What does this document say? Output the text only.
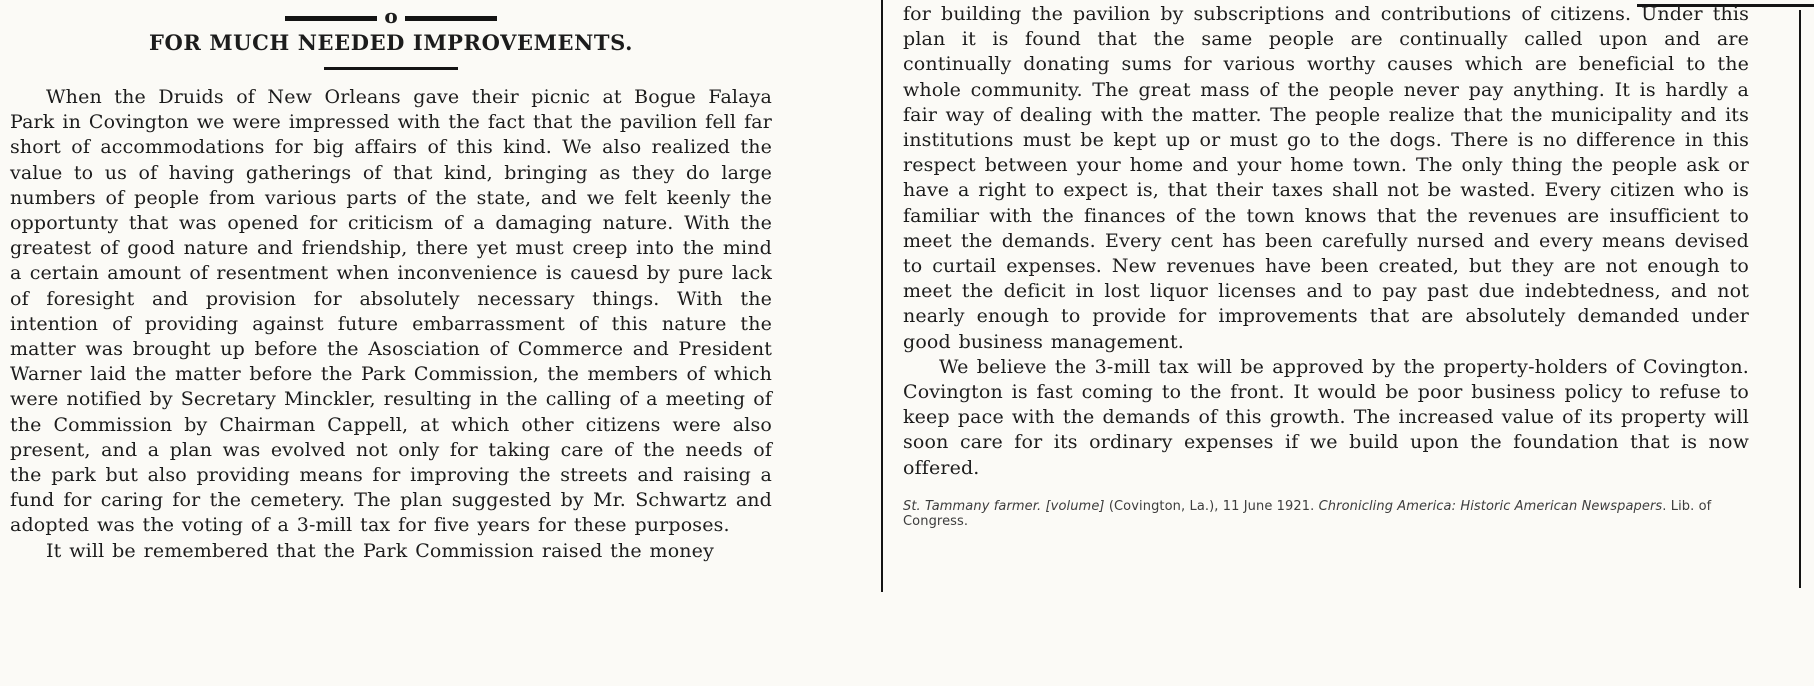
o
FOR MUCH NEEDED IMPROVEMENTS.

When the Druids of New Orleans gave their picnic at Bogue Falaya Park in Covington we were impressed with the fact that the pavilion fell far short of accommodations for big affairs of this kind. We also realized the value to us of having gatherings of that kind, bringing as they do large numbers of people from various parts of the state, and we felt keenly the opportunty that was opened for criticism of a damaging nature. With the greatest of good nature and friendship, there yet must creep into the mind a certain amount of resentment when inconvenience is cauesd by pure lack of foresight and provision for absolutely necessary things. With the intention of providing against future embarrassment of this nature the matter was brought up before the Asosciation of Commerce and President Warner laid the matter before the Park Commission, the members of which were notified by Secretary Minckler, resulting in the calling of a meeting of the Commission by Chairman Cappell, at which other citizens were also present, and a plan was evolved not only for taking care of the needs of the park but also providing means for improving the streets and raising a fund for caring for the cemetery. The plan suggested by Mr. Schwartz and adopted was the voting of a 3-mill tax for five years for these purposes.

It will be remembered that the Park Commission raised the money

for building the pavilion by subscriptions and contributions of citizens. Under this plan it is found that the same people are continually called upon and are continually donating sums for various worthy causes which are beneficial to the whole community. The great mass of the people never pay anything. It is hardly a fair way of dealing with the matter. The people realize that the municipality and its institutions must be kept up or must go to the dogs. There is no difference in this respect between your home and your home town. The only thing the people ask or have a right to expect is, that their taxes shall not be wasted. Every citizen who is familiar with the finances of the town knows that the revenues are insufficient to meet the demands. Every cent has been carefully nursed and every means devised to curtail expenses. New revenues have been created, but they are not enough to meet the deficit in lost liquor licenses and to pay past due indebtedness, and not nearly enough to provide for improvements that are absolutely demanded under good business management.

We believe the 3-mill tax will be approved by the property-holders of Covington. Covington is fast coming to the front. It would be poor business policy to refuse to keep pace with the demands of this growth. The increased value of its property will soon care for its ordinary expenses if we build upon the foundation that is now offered.

St. Tammany farmer. [volume] (Covington, La.), 11 June 1921. Chronicling America: Historic American Newspapers. Lib. of Congress.
